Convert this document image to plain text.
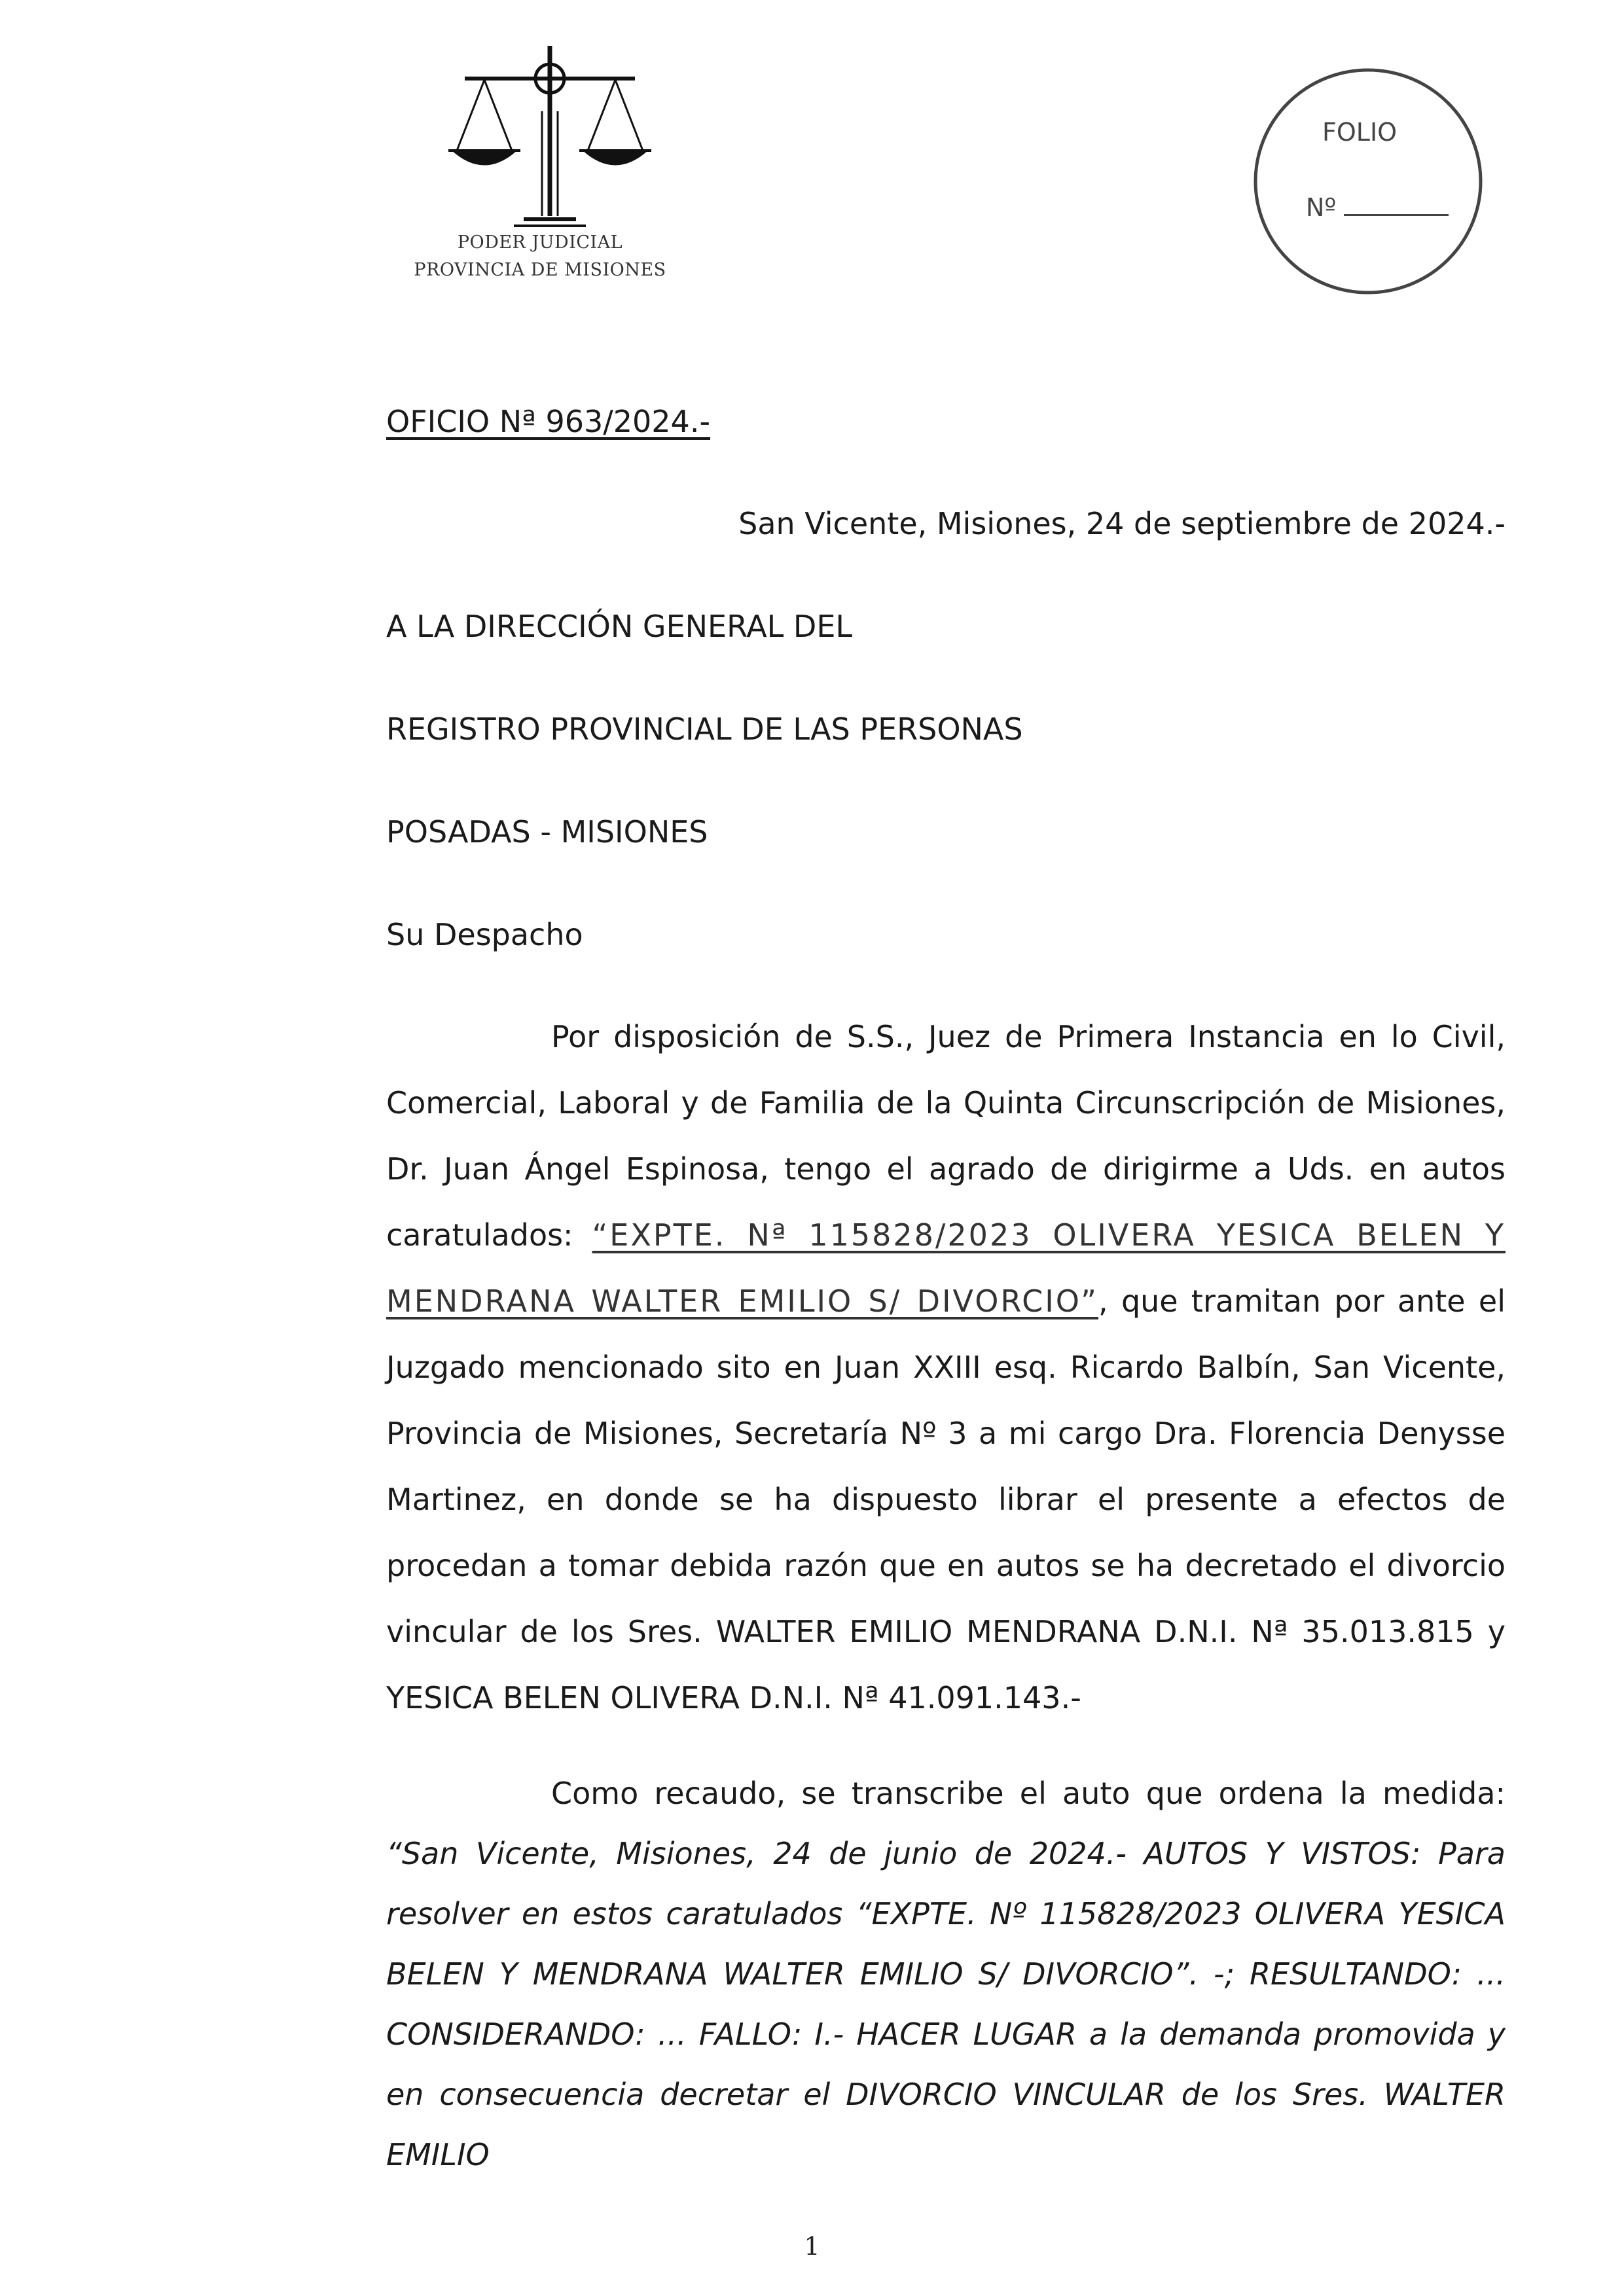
PODER JUDICIAL
PROVINCIA DE MISIONES
FOLIO
Nº
OFICIO Nª 963/2024.-
San Vicente, Misiones, 24 de septiembre de 2024.-
A LA DIRECCIÓN GENERAL DEL
REGISTRO PROVINCIAL DE LAS PERSONAS
POSADAS - MISIONES
Su Despacho
Por disposición de S.S., Juez de Primera Instancia en lo Civil, Comercial, Laboral y de Familia de la Quinta Circunscripción de Misiones, Dr. Juan Ángel Espinosa, tengo el agrado de dirigirme a Uds. en autos caratulados: “EXPTE. Nª 115828/2023 OLIVERA YESICA BELEN Y MENDRANA WALTER EMILIO S/ DIVORCIO”, que tramitan por ante el Juzgado mencionado sito en Juan XXIII esq. Ricardo Balbín, San Vicente, Provincia de Misiones, Secretaría Nº 3 a mi cargo Dra. Florencia Denysse Martinez, en donde se ha dispuesto librar el presente a efectos de procedan a tomar debida razón que en autos se ha decretado el divorcio vincular de los Sres. WALTER EMILIO MENDRANA D.N.I. Nª 35.013.815 y YESICA BELEN OLIVERA D.N.I. Nª 41.091.143.-
Como recaudo, se transcribe el auto que ordena la medida: “San Vicente, Misiones, 24 de junio de 2024.- AUTOS Y VISTOS: Para resolver en estos caratulados “EXPTE. Nº 115828/2023 OLIVERA YESICA BELEN Y MENDRANA WALTER EMILIO S/ DIVORCIO”. -; RESULTANDO: ... CONSIDERANDO: ... FALLO: I.- HACER LUGAR a la demanda promovida y en consecuencia decretar el DIVORCIO VINCULAR de los Sres. WALTER EMILIO
1
